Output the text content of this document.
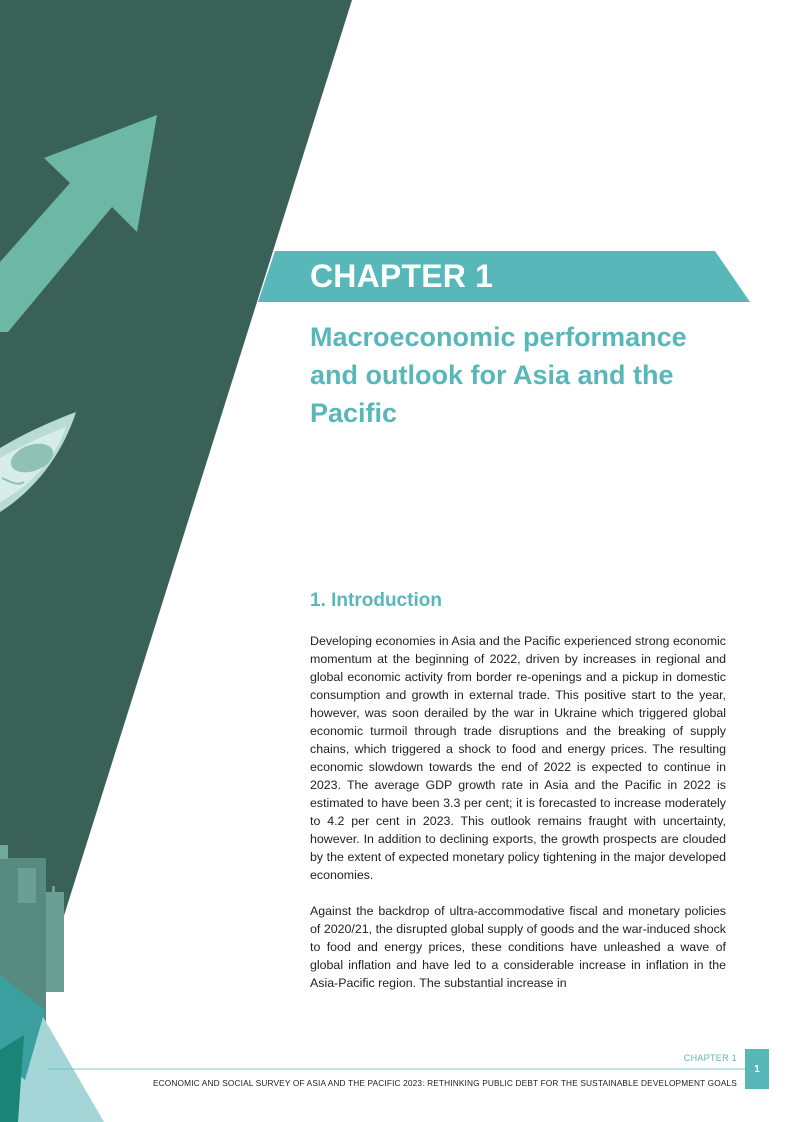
CHAPTER 1
Macroeconomic performance and outlook for Asia and the Pacific
1. Introduction

Developing economies in Asia and the Pacific experienced strong economic momentum at the beginning of 2022, driven by increases in regional and global economic activity from border re-openings and a pickup in domestic consumption and growth in external trade. This positive start to the year, however, was soon derailed by the war in Ukraine which triggered global economic turmoil through trade disruptions and the breaking of supply chains, which triggered a shock to food and energy prices. The resulting economic slowdown towards the end of 2022 is expected to continue in 2023. The average GDP growth rate in Asia and the Pacific in 2022 is estimated to have been 3.3 per cent; it is forecasted to increase moderately to 4.2 per cent in 2023. This outlook remains fraught with uncertainty, however. In addition to declining exports, the growth prospects are clouded by the extent of expected monetary policy tightening in the major developed economies.

Against the backdrop of ultra-accommodative fiscal and monetary policies of 2020/21, the disrupted global supply of goods and the war-induced shock to food and energy prices, these conditions have unleashed a wave of global inflation and have led to a considerable increase in inflation in the Asia-Pacific region. The substantial increase in

CHAPTER 1
ECONOMIC AND SOCIAL SURVEY OF ASIA AND THE PACIFIC 2023: RETHINKING PUBLIC DEBT FOR THE SUSTAINABLE DEVELOPMENT GOALS
1
